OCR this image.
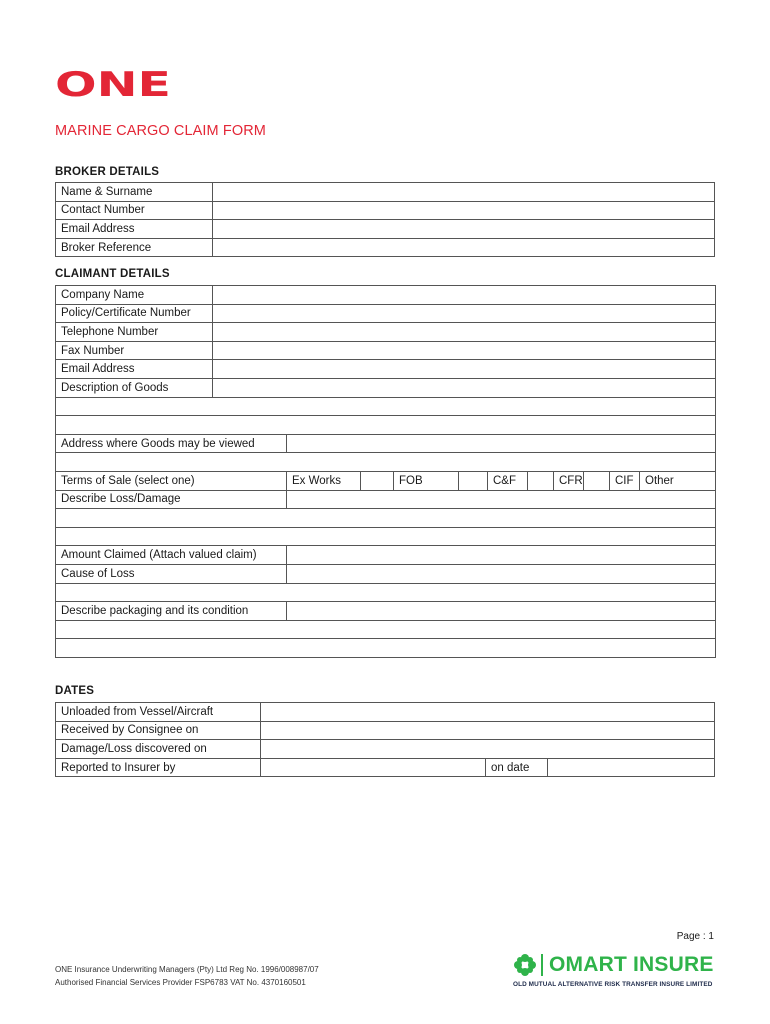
ONE
MARINE CARGO CLAIM FORM
BROKER DETAILS
Name & Surname	
Contact Number	
Email Address	
Broker Reference	
CLAIMANT DETAILS
Company Name											
Policy/Certificate Number											
Telephone Number											
Fax Number											
Email Address											
Description of Goods											

Address where Goods may be viewed											

Terms of Sale (select one)		Ex Works		FOB		C&F		CFR		CIF	Other
Describe Loss/Damage											

Amount Claimed (Attach valued claim)											
Cause of Loss											

Describe packaging and its condition											

DATES
Unloaded from Vessel/Aircraft			
Received by Consignee on			
Damage/Loss discovered on			
Reported to Insurer by		on date	
Page : 1
ONE Insurance Underwriting Managers (Pty) Ltd Reg No. 1996/008987/07
Authorised Financial Services Provider FSP6783 VAT No. 4370160501
OMART INSURE
OLD MUTUAL ALTERNATIVE RISK TRANSFER INSURE LIMITED
